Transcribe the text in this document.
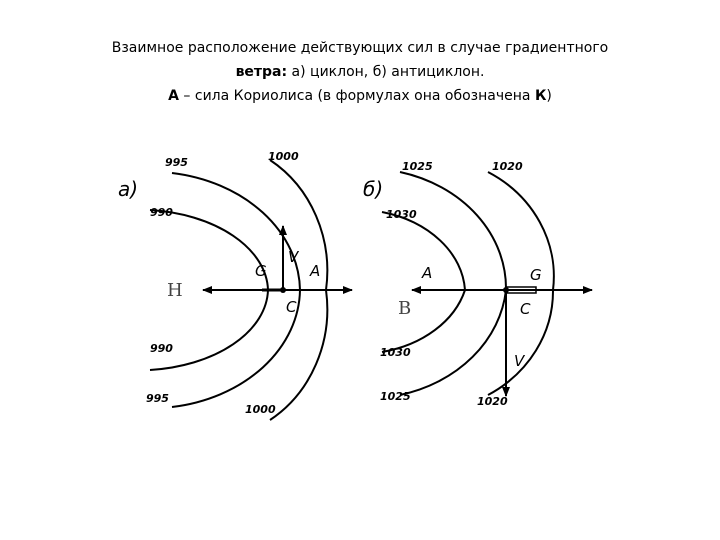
Взаимное расположение действующих сил в случае градиентного
ветра: а) циклон, б) антициклон.
А – сила Кориолиса (в формулах она обозначена К)
а)
995	1000
990
990
995
1000
G
V
A
C
Н
б)
1025	1020
1030
1030
1025	1020
G
A
C
V
В
